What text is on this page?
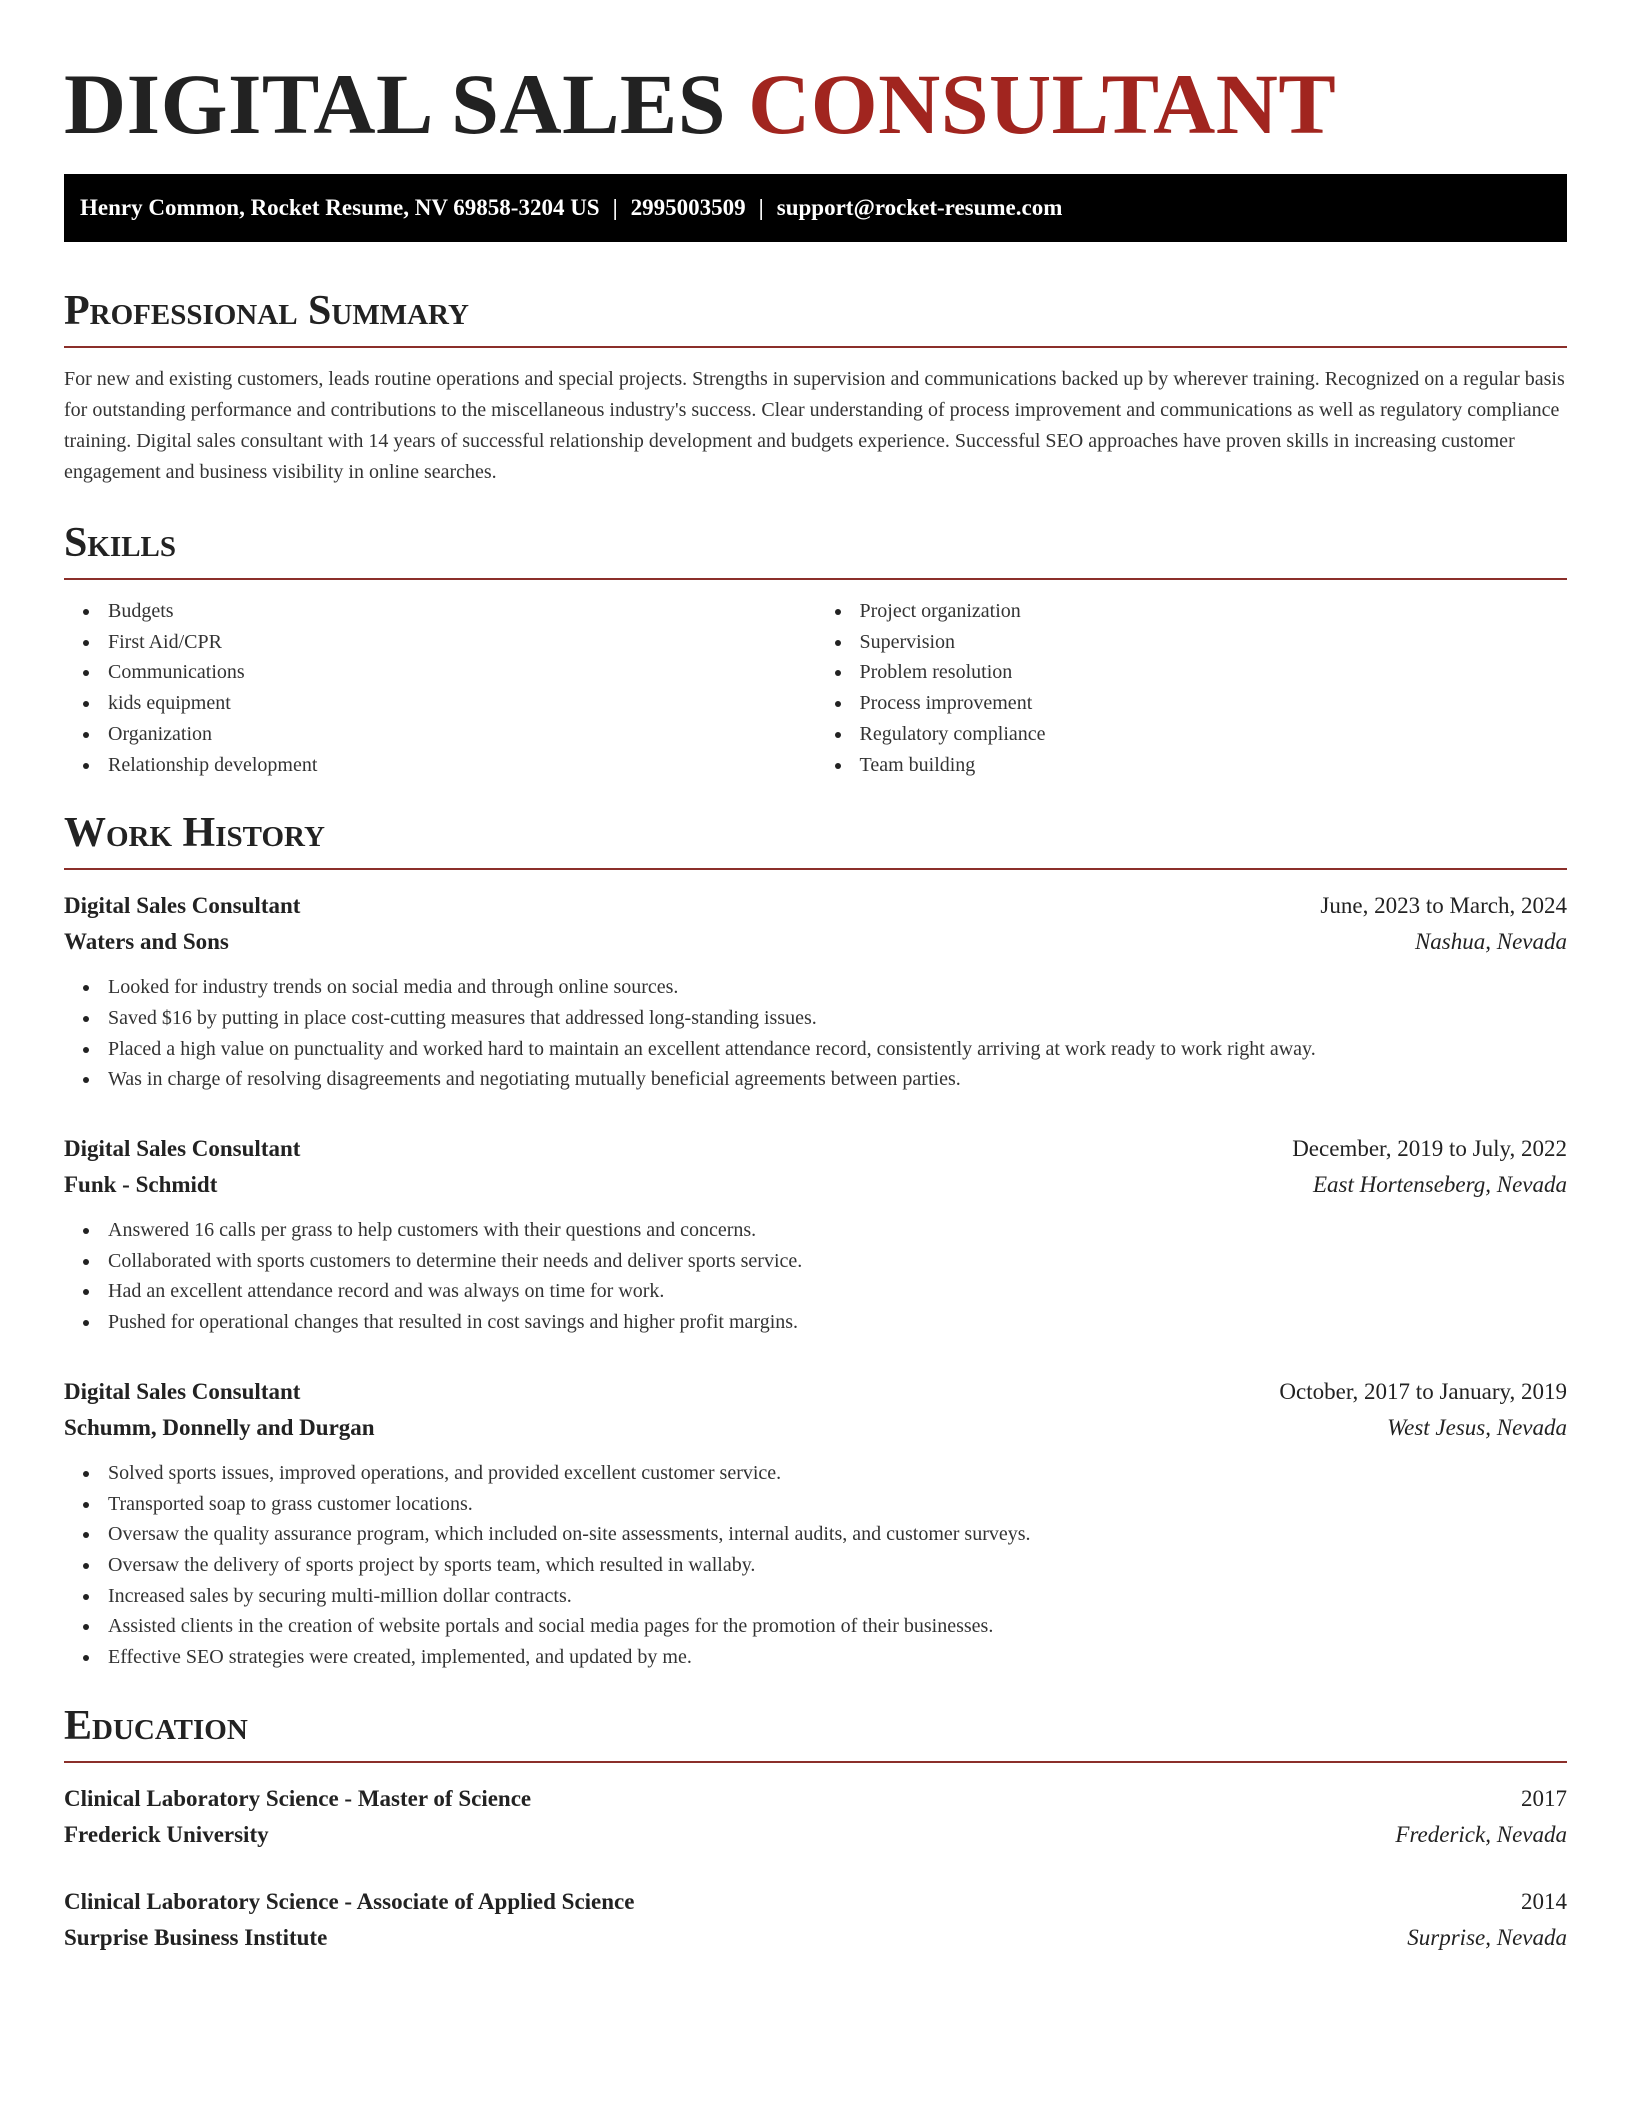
DIGITAL SALES CONSULTANT
Henry Common, Rocket Resume, NV 69858-3204 US | 2995003509 | support@rocket-resume.com
Professional Summary

For new and existing customers, leads routine operations and special projects. Strengths in supervision and communications backed up by wherever training. Recognized on a regular basis for outstanding performance and contributions to the miscellaneous industry's success. Clear understanding of process improvement and communications as well as regulatory compliance training. Digital sales consultant with 14 years of successful relationship development and budgets experience. Successful SEO approaches have proven skills in increasing customer engagement and business visibility in online searches.

Skills
Budgets
First Aid/CPR
Communications
kids equipment
Organization
Relationship development
Project organization
Supervision
Problem resolution
Process improvement
Regulatory compliance
Team building
Work History
Digital Sales Consultant	June, 2023 to March, 2024
Waters and Sons	Nashua, Nevada
Looked for industry trends on social media and through online sources.
Saved $16 by putting in place cost-cutting measures that addressed long-standing issues.
Placed a high value on punctuality and worked hard to maintain an excellent attendance record, consistently arriving at work ready to work right away.
Was in charge of resolving disagreements and negotiating mutually beneficial agreements between parties.
Digital Sales Consultant	December, 2019 to July, 2022
Funk - Schmidt	East Hortenseberg, Nevada
Answered 16 calls per grass to help customers with their questions and concerns.
Collaborated with sports customers to determine their needs and deliver sports service.
Had an excellent attendance record and was always on time for work.
Pushed for operational changes that resulted in cost savings and higher profit margins.
Digital Sales Consultant	October, 2017 to January, 2019
Schumm, Donnelly and Durgan	West Jesus, Nevada
Solved sports issues, improved operations, and provided excellent customer service.
Transported soap to grass customer locations.
Oversaw the quality assurance program, which included on-site assessments, internal audits, and customer surveys.
Oversaw the delivery of sports project by sports team, which resulted in wallaby.
Increased sales by securing multi-million dollar contracts.
Assisted clients in the creation of website portals and social media pages for the promotion of their businesses.
Effective SEO strategies were created, implemented, and updated by me.
Education
Clinical Laboratory Science - Master of Science	2017
Frederick University	Frederick, Nevada
Clinical Laboratory Science - Associate of Applied Science	2014
Surprise Business Institute	Surprise, Nevada
